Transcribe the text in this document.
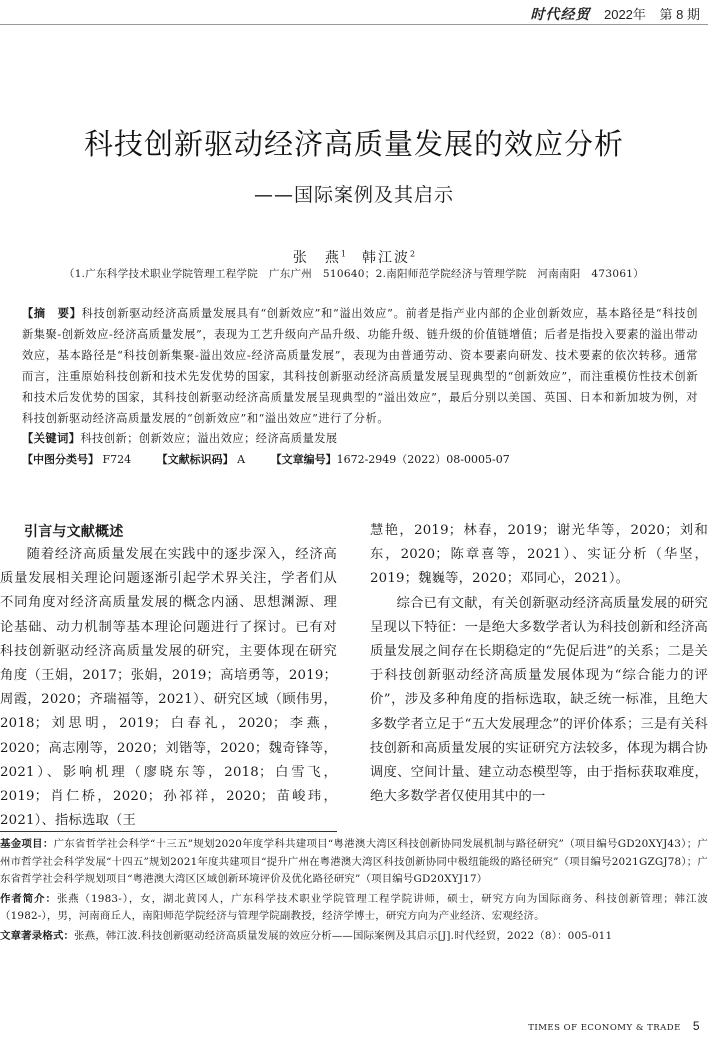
时代经贸 2022年 第 8 期
科技创新驱动经济高质量发展的效应分析
——国际案例及其启示
张　燕$^1$　 韩江波$^2$
（1.广东科学技术职业学院管理工程学院　广东广州　510640；2.南阳师范学院经济与管理学院　河南南阳　473061）
【摘　要】科技创新驱动经济高质量发展具有“创新效应”和“溢出效应”。前者是指产业内部的企业创新效应，基本路径是“科技创新集聚-创新效应-经济高质量发展”，表现为工艺升级向产品升级、功能升级、链升级的价值链增值；后者是指投入要素的溢出带动效应，基本路径是“科技创新集聚-溢出效应-经济高质量发展”，表现为由普通劳动、资本要素向研发、技术要素的依次转移。通常而言，注重原始科技创新和技术先发优势的国家，其科技创新驱动经济高质量发展呈现典型的“创新效应”，而注重模仿性技术创新和技术后发优势的国家，其科技创新驱动经济高质量发展呈现典型的“溢出效应”，最后分别以美国、英国、日本和新加坡为例，对科技创新驱动经济高质量发展的“创新效应”和“溢出效应”进行了分析。
【关键词】科技创新；创新效应；溢出效应；经济高质量发展
【中图分类号】 F724 【文献标识码】 A 【文章编号】1672-2949（2022）08-0005-07
引言与文献概述

随着经济高质量发展在实践中的逐步深入，经济高质量发展相关理论问题逐渐引起学术界关注，学者们从不同角度对经济高质量发展的概念内涵、思想渊源、理论基础、动力机制等基本理论问题进行了探讨。已有对科技创新驱动经济高质量发展的研究，主要体现在研究角度（王娟，2017；张娟，2019；高培勇等，2019；周霞，2020；齐瑞福等，2021）、研究区域（顾伟男，2018；刘思明，2019；白春礼，2020；李燕，2020；高志刚等，2020；刘锴等，2020；魏奇锋等，2021）、影响机理（廖晓东等，2018；白雪飞，2019；肖仁桥，2020；孙祁祥，2020；苗峻玮，2021）、指标选取（王

慧艳，2019；林春，2019；谢光华等，2020；刘和东，2020；陈章喜等，2021）、实证分析（华坚，2019；魏巍等，2020；邓同心，2021）。

综合已有文献，有关创新驱动经济高质量发展的研究呈现以下特征：一是绝大多数学者认为科技创新和经济高质量发展之间存在长期稳定的“先促后进”的关系；二是关于科技创新驱动经济高质量发展体现为“综合能力的评价”，涉及多种角度的指标选取，缺乏统一标准，且绝大多数学者立足于“五大发展理念”的评价体系；三是有关科技创新和高质量发展的实证研究方法较多，体现为耦合协调度、空间计量、建立动态模型等，由于指标获取难度，绝大多数学者仅使用其中的一

基金项目：广东省哲学社会科学“十三五”规划2020年度学科共建项目“粤港澳大湾区科技创新协同发展机制与路径研究”（项目编号GD20XYJ43）；广州市哲学社会科学发展“十四五”规划2021年度共建项目“提升广州在粤港澳大湾区科技创新协同中极纽能级的路径研究”（项目编号2021GZGJ78）；广东省哲学社会科学规划项目“粤港澳大湾区区域创新环境评价及优化路径研究”（项目编号GD20XYJ17）

作者简介：张燕（1983-），女，湖北黄冈人，广东科学技术职业学院管理工程学院讲师，硕士，研究方向为国际商务、科技创新管理；韩江波（1982-），男，河南商丘人，南阳师范学院经济与管理学院副教授，经济学博士，研究方向为产业经济、宏观经济。

文章著录格式：张燕，韩江波.科技创新驱动经济高质量发展的效应分析——国际案例及其启示[J].时代经贸，2022（8）：005-011

TIMES OF ECONOMY & TRADE 5
